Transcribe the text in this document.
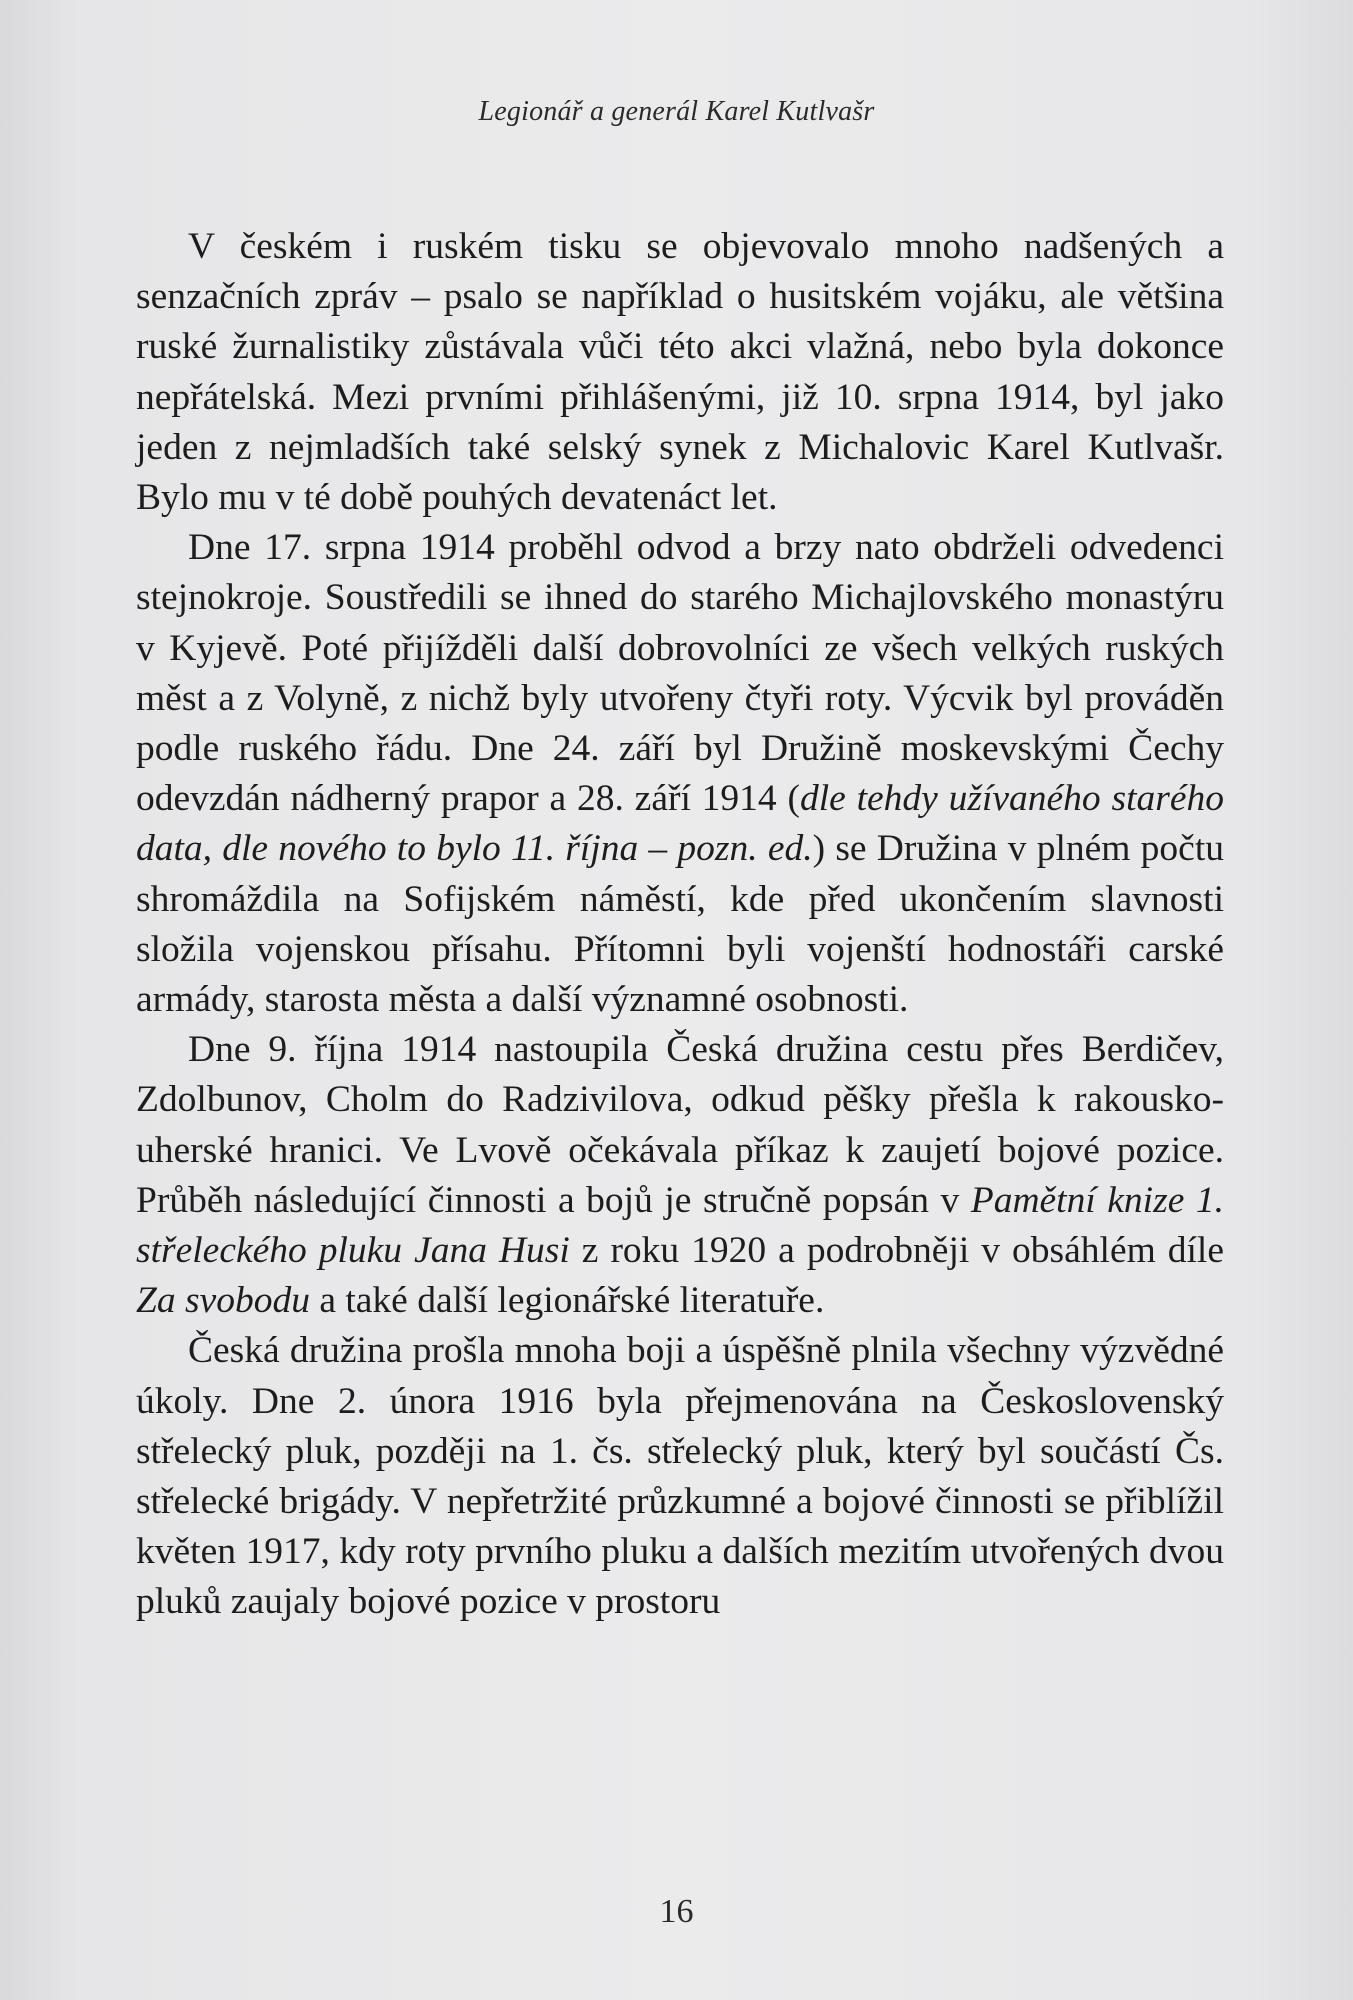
Legionář a generál Karel Kutlvašr

V českém i ruském tisku se objevovalo mnoho nadšených a senzačních zpráv – psalo se například o husitském vojáku, ale většina ruské žurnalistiky zůstávala vůči této akci vlažná, nebo byla dokonce nepřátelská. Mezi prvními přihlášenými, již 10. srpna 1914, byl jako jeden z nejmladších také selský synek z Michalovic Karel Kutlvašr. Bylo mu v té době pouhých devatenáct let.

Dne 17. srpna 1914 proběhl odvod a brzy nato obdrželi odvedenci stejnokroje. Soustředili se ihned do starého Michajlovského monastýru v Kyjevě. Poté přijížděli další dobrovolníci ze všech velkých ruských měst a z Volyně, z nichž byly utvořeny čtyři roty. Výcvik byl prováděn podle ruského řádu. Dne 24. září byl Družině moskevskými Čechy odevzdán nádherný prapor a 28. září 1914 (dle tehdy užívaného starého data, dle nového to bylo 11. října – pozn. ed.) se Družina v plném počtu shromáždila na Sofijském náměstí, kde před ukončením slavnosti složila vojenskou přísahu. Přítomni byli vojenští hodnostáři carské armády, starosta města a další významné osobnosti.

Dne 9. října 1914 nastoupila Česká družina cestu přes Berdičev, Zdolbunov, Cholm do Radzivilova, odkud pěšky přešla k rakousko-uherské hranici. Ve Lvově očekávala příkaz k zaujetí bojové pozice. Průběh následující činnosti a bojů je stručně popsán v Pamětní knize 1. střeleckého pluku Jana Husi z roku 1920 a podrobněji v obsáhlém díle Za svobodu a také další legionářské literatuře.

Česká družina prošla mnoha boji a úspěšně plnila všechny výzvědné úkoly. Dne 2. února 1916 byla přejmenována na Československý střelecký pluk, později na 1. čs. střelecký pluk, který byl součástí Čs. střelecké brigády. V nepřetržité průzkumné a bojové činnosti se přiblížil květen 1917, kdy roty prvního pluku a dalších mezitím utvořených dvou pluků zaujaly bojové pozice v prostoru

16
